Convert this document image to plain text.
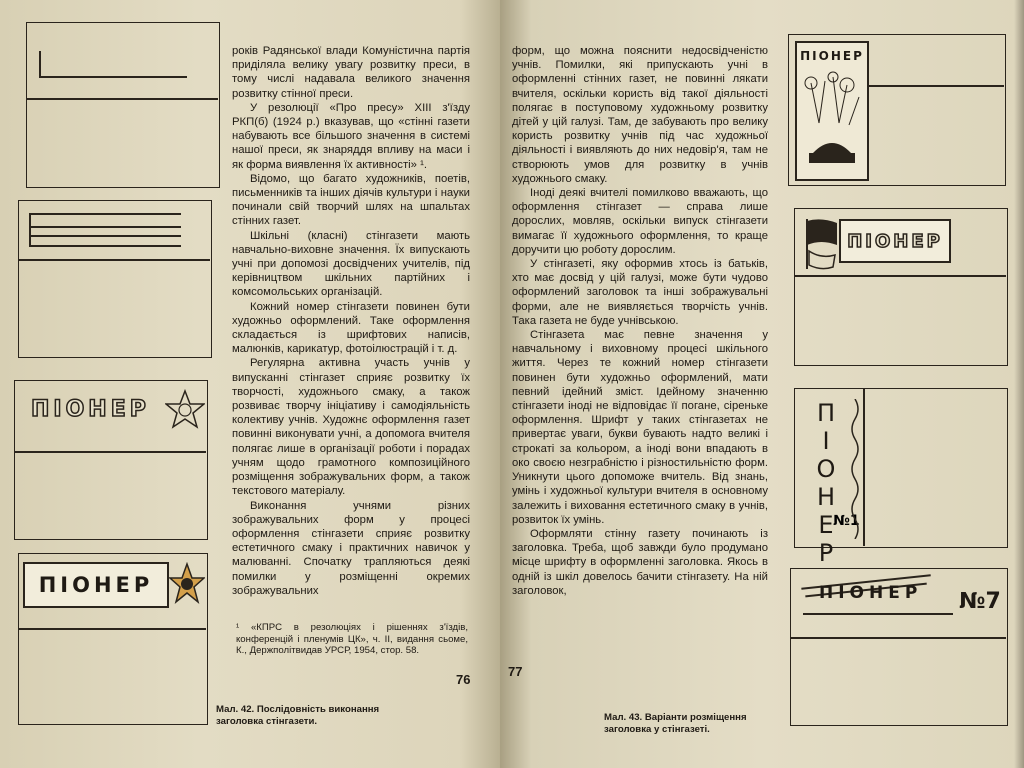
ПІОНЕР
ПІОНЕР

років Радянської влади Комуністична партія приділяла велику увагу розвитку преси, в тому числі надавала великого значення розвитку стінної преси.

У резолюції «Про пресу» XIII з'їзду РКП(б) (1924 р.) вказував, що «стінні газети набувають все більшого значення в системі нашої преси, як знаряддя впливу на маси і як форма виявлення їх активності» ¹.

Відомо, що багато художників, поетів, письменників та інших діячів культури і науки починали свій творчий шлях на шпальтах стінних газет.

Шкільні (класні) стінгазети мають навчально-виховне значення. Їх випускають учні при допомозі досвідчених учителів, під керівництвом шкільних партійних і комсомольських організацій.

Кожний номер стінгазети повинен бути художньо оформлений. Таке оформлення складається із шрифтових написів, малюнків, карикатур, фотоілюстрацій і т. д.

Регулярна активна участь учнів у випусканні стінгазет сприяє розвитку їх творчості, художнього смаку, а також розвиває творчу ініціативу і самодіяльність колективу учнів. Художнє оформлення газет повинні виконувати учні, а допомога вчителя полягає лише в організації роботи і порадах учням щодо грамотного композиційного розміщення зображувальних форм, а також текстового матеріалу.

Виконання учнями різних зображувальних форм у процесі оформлення стінгазети сприяє розвитку естетичного смаку і практичних навичок у малюванні. Спочатку трапляються деякі помилки у розміщенні окремих зображувальних

¹ «КПРС в резолюціях і рішеннях з'їздів, конференцій і пленумів ЦК», ч. II, видання сьоме, К., Держполітвидав УРСР, 1954, стор. 58.

76
Мал. 42. Послідовність виконання заголовка стінгазети.

форм, що можна пояснити недосвідченістю учнів. Помилки, які припускають учні в оформленні стінних газет, не повинні лякати вчителя, оскільки користь від такої діяльності полягає в поступовому художньому розвитку дітей у цій галузі. Там, де забувають про велику користь розвитку учнів під час художньої діяльності і виявляють до них недовір'я, там не створюють умов для розвитку в учнів художнього смаку.

Іноді деякі вчителі помилково вважають, що оформлення стінгазет — справа лише дорослих, мовляв, оскільки випуск стінгазети вимагає її художнього оформлення, то краще доручити цю роботу дорослим.

У стінгазеті, яку оформив хтось із батьків, хто має досвід у цій галузі, може бути чудово оформлений заголовок та інші зображувальні форми, але не виявляється творчість учнів. Така газета не буде учнівською.

Стінгазета має певне значення у навчальному і виховному процесі шкільного життя. Через те кожний номер стінгазети повинен бути художньо оформлений, мати певний ідейний зміст. Ідейному значенню стінгазети іноді не відповідає її погане, сіреньке оформлення. Шрифт у таких стінгазетах не привертає уваги, букви бувають надто великі і строкаті за кольором, а іноді вони впадають в око своєю незграбністю і різностильністю форм. Уникнути цього допоможе вчитель. Від знань, умінь і художньої культури вчителя в основному залежить і виховання естетичного смаку в учнів, розвиток їх умінь.

Оформляти стінну газету починають із заголовка. Треба, щоб завжди було продумано місце шрифту в оформленні заголовка. Якось в одній із шкіл довелось бачити стінгазету. На ній заголовок,

77
Мал. 43. Варіанти розміщення заголовка у стінгазеті.
ПІОНЕР
ПІОНЕР
П
І
О
Н
Е
Р
№1
ПІОНЕР №7
